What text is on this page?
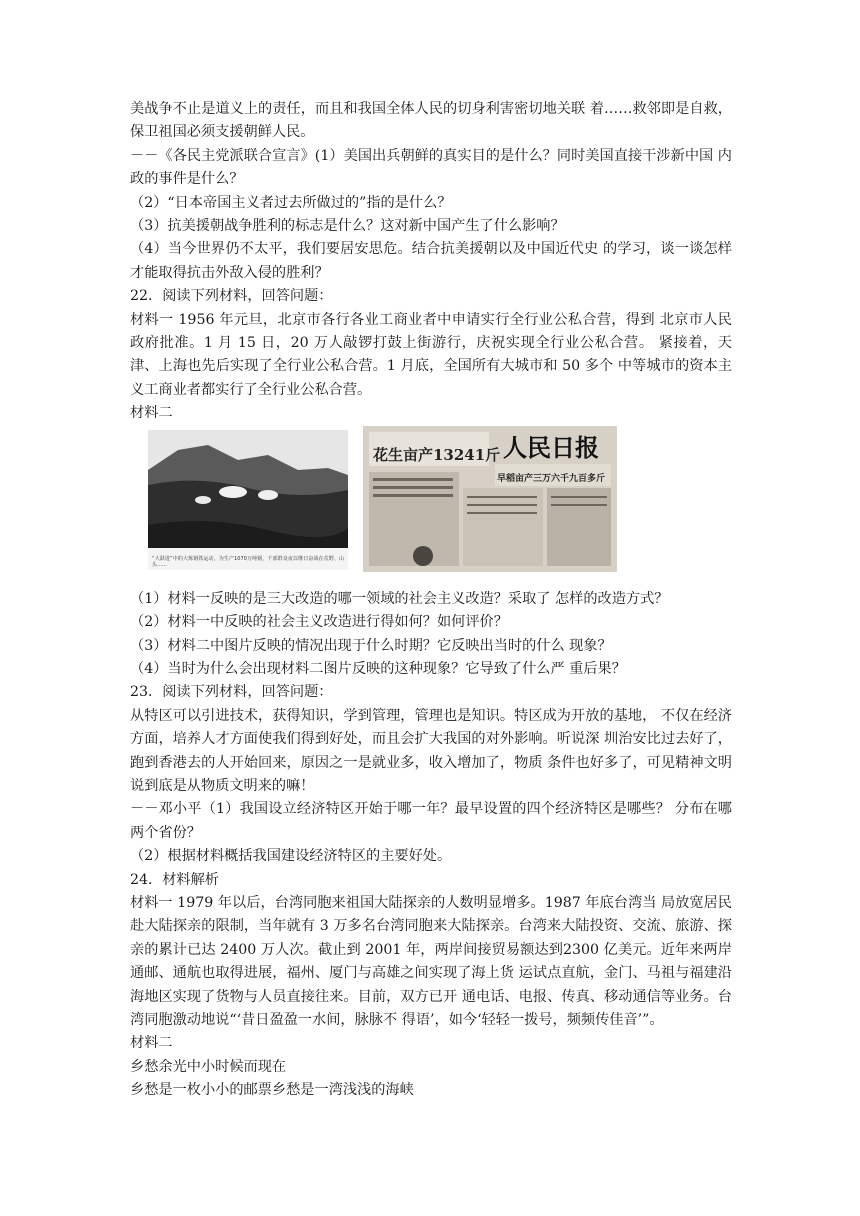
美战争不止是道义上的责任，而且和我国全体人民的切身利害密切地关联 着……救邻即是自救，保卫祖国必须支援朝鲜人民。

－－《各民主党派联合宣言》(1）美国出兵朝鲜的真实目的是什么？同时美国直接干涉新中国 内政的事件是什么？

（2）“日本帝国主义者过去所做过的”指的是什么？

（3）抗美援朝战争胜利的标志是什么？这对新中国产生了什么影响？

（4）当今世界仍不太平，我们要居安思危。结合抗美援朝以及中国近代史 的学习，谈一谈怎样才能取得抗击外敌入侵的胜利？

22．阅读下列材料，回答问题：

材料一 1956 年元旦，北京市各行各业工商业者中申请实行全行业公私合营，得到 北京市人民政府批准。1 月 15 日，20 万人敲锣打鼓上街游行，庆祝实现全行业公私合营。 紧接着，天津、上海也先后实现了全行业公私合营。1 月底，全国所有大城市和 50 多个 中等城市的资本主义工商业者都实行了全行业公私合营。

材料二

“大跃进”中的大炼钢铁运动，为生产1070万吨钢，千部群众夜以继日奋战在荒野、山头……
花生亩产13241斤 人民日报
早稻亩产三万六千九百多斤

（1）材料一反映的是三大改造的哪一领域的社会主义改造？采取了 怎样的改造方式？

（2）材料一中反映的社会主义改造进行得如何？如何评价？

（3）材料二中图片反映的情况出现于什么时期？它反映出当时的什么 现象？

（4）当时为什么会出现材料二图片反映的这种现象？它导致了什么严 重后果？

23．阅读下列材料，回答问题：

从特区可以引进技术，获得知识，学到管理，管理也是知识。特区成为开放的基地， 不仅在经济方面，培养人才方面使我们得到好处，而且会扩大我国的对外影响。听说深 圳治安比过去好了，跑到香港去的人开始回来，原因之一是就业多，收入增加了，物质 条件也好多了，可见精神文明说到底是从物质文明来的嘛！

－－邓小平（1）我国设立经济特区开始于哪一年？最早设置的四个经济特区是哪些？ 分布在哪两个省份？

（2）根据材料概括我国建设经济特区的主要好处。

24．材料解析

材料一 1979 年以后，台湾同胞来祖国大陆探亲的人数明显增多。1987 年底台湾当 局放宽居民赴大陆探亲的限制，当年就有 3 万多名台湾同胞来大陆探亲。台湾来大陆投资、交流、旅游、探亲的累计已达 2400 万人次。截止到 2001 年，两岸间接贸易额达到2300 亿美元。近年来两岸通邮、通航也取得进展，福州、厦门与高雄之间实现了海上货 运试点直航，金门、马祖与福建沿海地区实现了货物与人员直接往来。目前，双方已开 通电话、电报、传真、移动通信等业务。台湾同胞激动地说“‘昔日盈盈一水间，脉脉不 得语’，如今‘轻轻一拨号，频频传佳音’”。

材料二

乡愁余光中小时候而现在

乡愁是一枚小小的邮票乡愁是一湾浅浅的海峡
